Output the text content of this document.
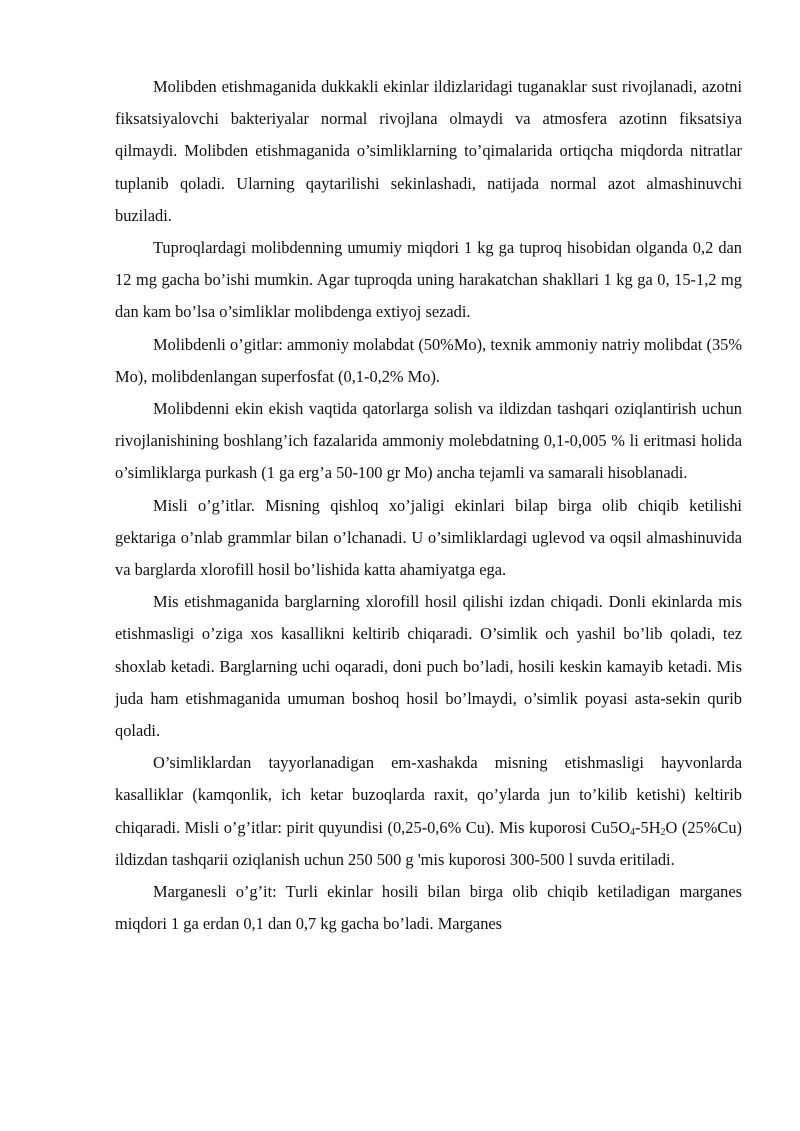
Molibden etishmaganida dukkakli ekinlar ildizlaridagi tuganaklar sust rivojlanadi, azotni fiksatsiyalovchi bakteriyalar normal rivojlana olmaydi va atmosfera azotinn fiksatsiya qilmaydi. Molibden etishmaganida o’simliklarning to’qimalarida ortiqcha miqdorda nitratlar tuplanib qoladi. Ularning qaytarilishi sekinlashadi, natijada normal azot almashinuvchi buziladi.

Tuproqlardagi molibdenning umumiy miqdori 1 kg ga tuproq hisobidan olganda 0,2 dan 12 mg gacha bo’ishi mumkin. Agar tuproqda uning harakatchan shakllari 1 kg ga 0, 15-1,2 mg dan kam bo’lsa o’simliklar molibdenga extiyoj sezadi.

Molibdenli o’gitlar: ammoniy molabdat (50%Mo), texnik ammoniy natriy molibdat (35% Mo), molibdenlangan superfosfat (0,1-0,2% Mo).

Molibdenni ekin ekish vaqtida qatorlarga solish va ildizdan tashqari oziqlantirish uchun rivojlanishining boshlang’ich fazalarida ammoniy molebdatning 0,1-0,005 % li eritmasi holida o’simliklarga purkash (1 ga erg’a 50-100 gr Mo) ancha tejamli va samarali hisoblanadi.

Misli o’g’itlar. Misning qishloq xo’jaligi ekinlari bilap birga olib chiqib ketilishi gektariga o’nlab grammlar bilan o’lchanadi. U o’simliklardagi uglevod va oqsil almashinuvida va barglarda xlorofill hosil bo’lishida katta ahamiyatga ega.

Mis etishmaganida barglarning xlorofill hosil qilishi izdan chiqadi. Donli ekinlarda mis etishmasligi o’ziga xos kasallikni keltirib chiqaradi. O’simlik och yashil bo’lib qoladi, tez shoxlab ketadi. Barglarning uchi oqaradi, doni puch bo’ladi, hosili keskin kamayib ketadi. Mis juda ham etishmaganida umuman boshoq hosil bo’lmaydi, o’simlik poyasi asta-sekin qurib qoladi.

O’simliklardan tayyorlanadigan em-xashakda misning etishmasligi hayvonlarda kasalliklar (kamqonlik, ich ketar buzoqlarda raxit, qo’ylarda jun to’kilib ketishi) keltirib chiqaradi. Misli o’g’itlar: pirit quyundisi (0,25-0,6% Cu). Mis kuporosi $Cu5O_4-5H_2O$ (25%Cu) ildizdan tashqarii oziqlanish uchun 250 500 g 'mis kuporosi 300-500 l suvda eritiladi.

Marganesli o’g’it: Turli ekinlar hosili bilan birga olib chiqib ketiladigan marganes miqdori 1 ga erdan 0,1 dan 0,7 kg gacha bo’ladi. Marganes
